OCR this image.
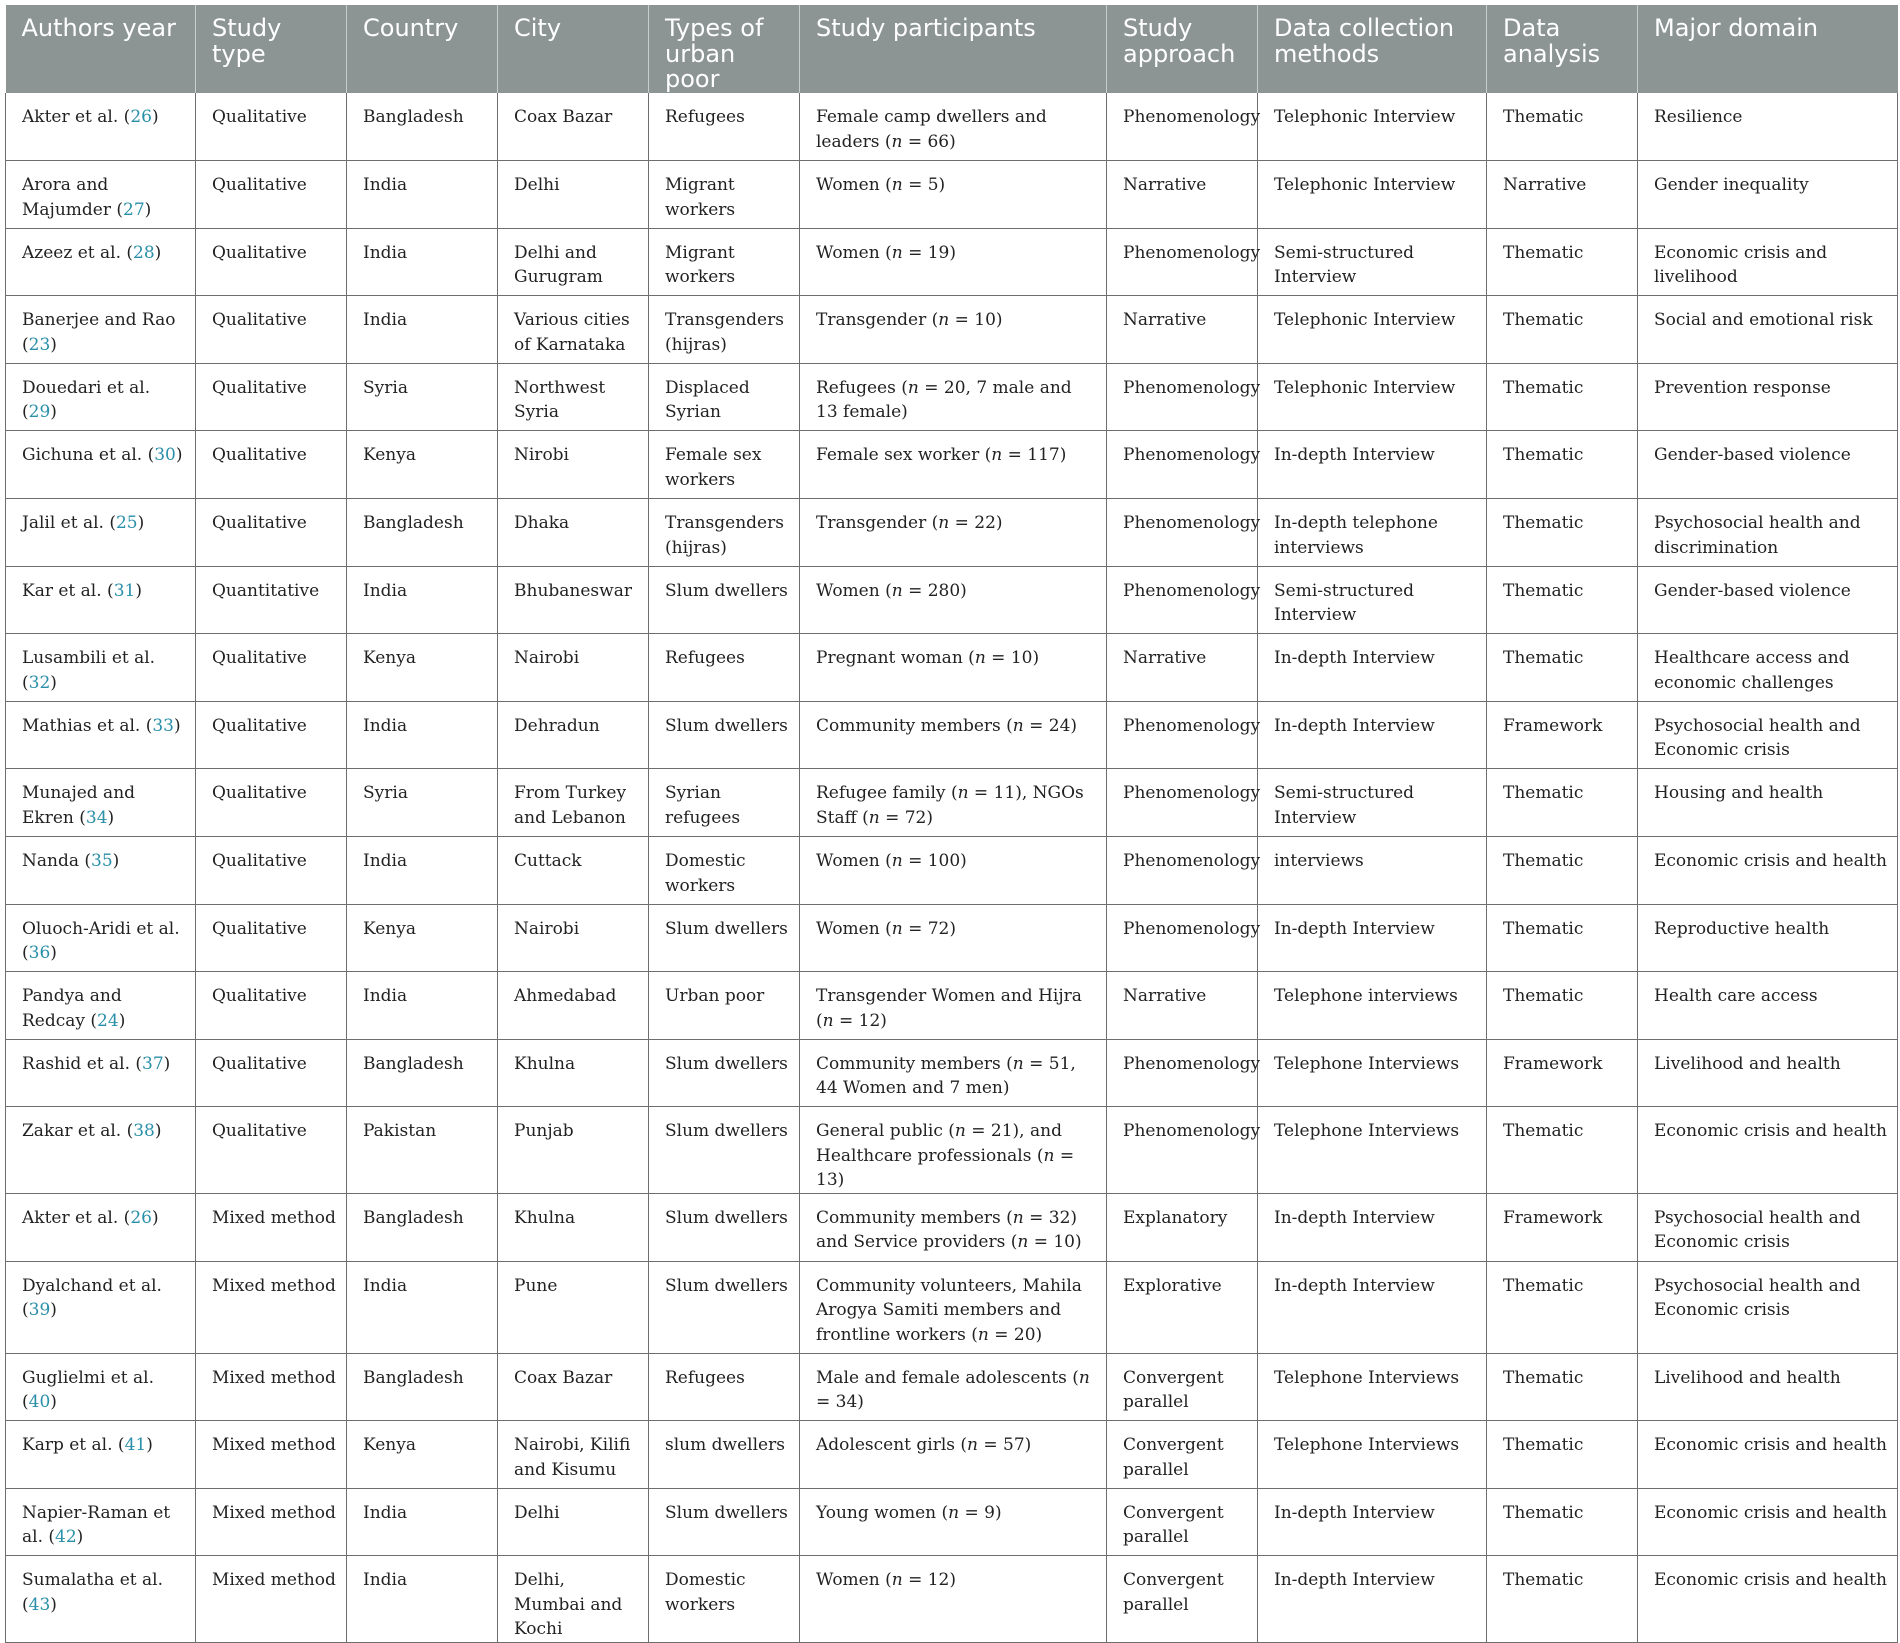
Authors year	Study type	Country	City	Types of urban poor	Study participants	Study approach	Data collection methods	Data analysis	Major domain
Akter et al. (26)	Qualitative	Bangladesh	Coax Bazar	Refugees	Female camp dwellers and leaders (n = 66)	Phenomenology	Telephonic Interview	Thematic	Resilience
Arora and Majumder (27)	Qualitative	India	Delhi	Migrant workers	Women (n = 5)	Narrative	Telephonic Interview	Narrative	Gender inequality
Azeez et al. (28)	Qualitative	India	Delhi and Gurugram	Migrant workers	Women (n = 19)	Phenomenology	Semi-structured Interview	Thematic	Economic crisis and livelihood
Banerjee and Rao (23)	Qualitative	India	Various cities of Karnataka	Transgenders (hijras)	Transgender (n = 10)	Narrative	Telephonic Interview	Thematic	Social and emotional risk
Douedari et al. (29)	Qualitative	Syria	Northwest Syria	Displaced Syrian	Refugees (n = 20, 7 male and 13 female)	Phenomenology	Telephonic Interview	Thematic	Prevention response
Gichuna et al. (30)	Qualitative	Kenya	Nirobi	Female sex workers	Female sex worker (n = 117)	Phenomenology	In-depth Interview	Thematic	Gender-based violence
Jalil et al. (25)	Qualitative	Bangladesh	Dhaka	Transgenders (hijras)	Transgender (n = 22)	Phenomenology	In-depth telephone interviews	Thematic	Psychosocial health and discrimination
Kar et al. (31)	Quantitative	India	Bhubaneswar	Slum dwellers	Women (n = 280)	Phenomenology	Semi-structured Interview	Thematic	Gender-based violence
Lusambili et al. (32)	Qualitative	Kenya	Nairobi	Refugees	Pregnant woman (n = 10)	Narrative	In-depth Interview	Thematic	Healthcare access and economic challenges
Mathias et al. (33)	Qualitative	India	Dehradun	Slum dwellers	Community members (n = 24)	Phenomenology	In-depth Interview	Framework	Psychosocial health and Economic crisis
Munajed and Ekren (34)	Qualitative	Syria	From Turkey and Lebanon	Syrian refugees	Refugee family (n = 11), NGOs Staff (n = 72)	Phenomenology	Semi-structured Interview	Thematic	Housing and health
Nanda (35)	Qualitative	India	Cuttack	Domestic workers	Women (n = 100)	Phenomenology	interviews	Thematic	Economic crisis and health
Oluoch-Aridi et al. (36)	Qualitative	Kenya	Nairobi	Slum dwellers	Women (n = 72)	Phenomenology	In-depth Interview	Thematic	Reproductive health
Pandya and Redcay (24)	Qualitative	India	Ahmedabad	Urban poor	Transgender Women and Hijra (n = 12)	Narrative	Telephone interviews	Thematic	Health care access
Rashid et al. (37)	Qualitative	Bangladesh	Khulna	Slum dwellers	Community members (n = 51, 44 Women and 7 men)	Phenomenology	Telephone Interviews	Framework	Livelihood and health
Zakar et al. (38)	Qualitative	Pakistan	Punjab	Slum dwellers	General public (n = 21), and Healthcare professionals (n = 13)	Phenomenology	Telephone Interviews	Thematic	Economic crisis and health
Akter et al. (26)	Mixed method	Bangladesh	Khulna	Slum dwellers	Community members (n = 32) and Service providers (n = 10)	Explanatory	In-depth Interview	Framework	Psychosocial health and Economic crisis
Dyalchand et al. (39)	Mixed method	India	Pune	Slum dwellers	Community volunteers, Mahila Arogya Samiti members and frontline workers (n = 20)	Explorative	In-depth Interview	Thematic	Psychosocial health and Economic crisis
Guglielmi et al. (40)	Mixed method	Bangladesh	Coax Bazar	Refugees	Male and female adolescents (n = 34)	Convergent parallel	Telephone Interviews	Thematic	Livelihood and health
Karp et al. (41)	Mixed method	Kenya	Nairobi, Kilifi and Kisumu	slum dwellers	Adolescent girls (n = 57)	Convergent parallel	Telephone Interviews	Thematic	Economic crisis and health
Napier-Raman et al. (42)	Mixed method	India	Delhi	Slum dwellers	Young women (n = 9)	Convergent parallel	In-depth Interview	Thematic	Economic crisis and health
Sumalatha et al. (43)	Mixed method	India	Delhi, Mumbai and Kochi	Domestic workers	Women (n = 12)	Convergent parallel	In-depth Interview	Thematic	Economic crisis and health
